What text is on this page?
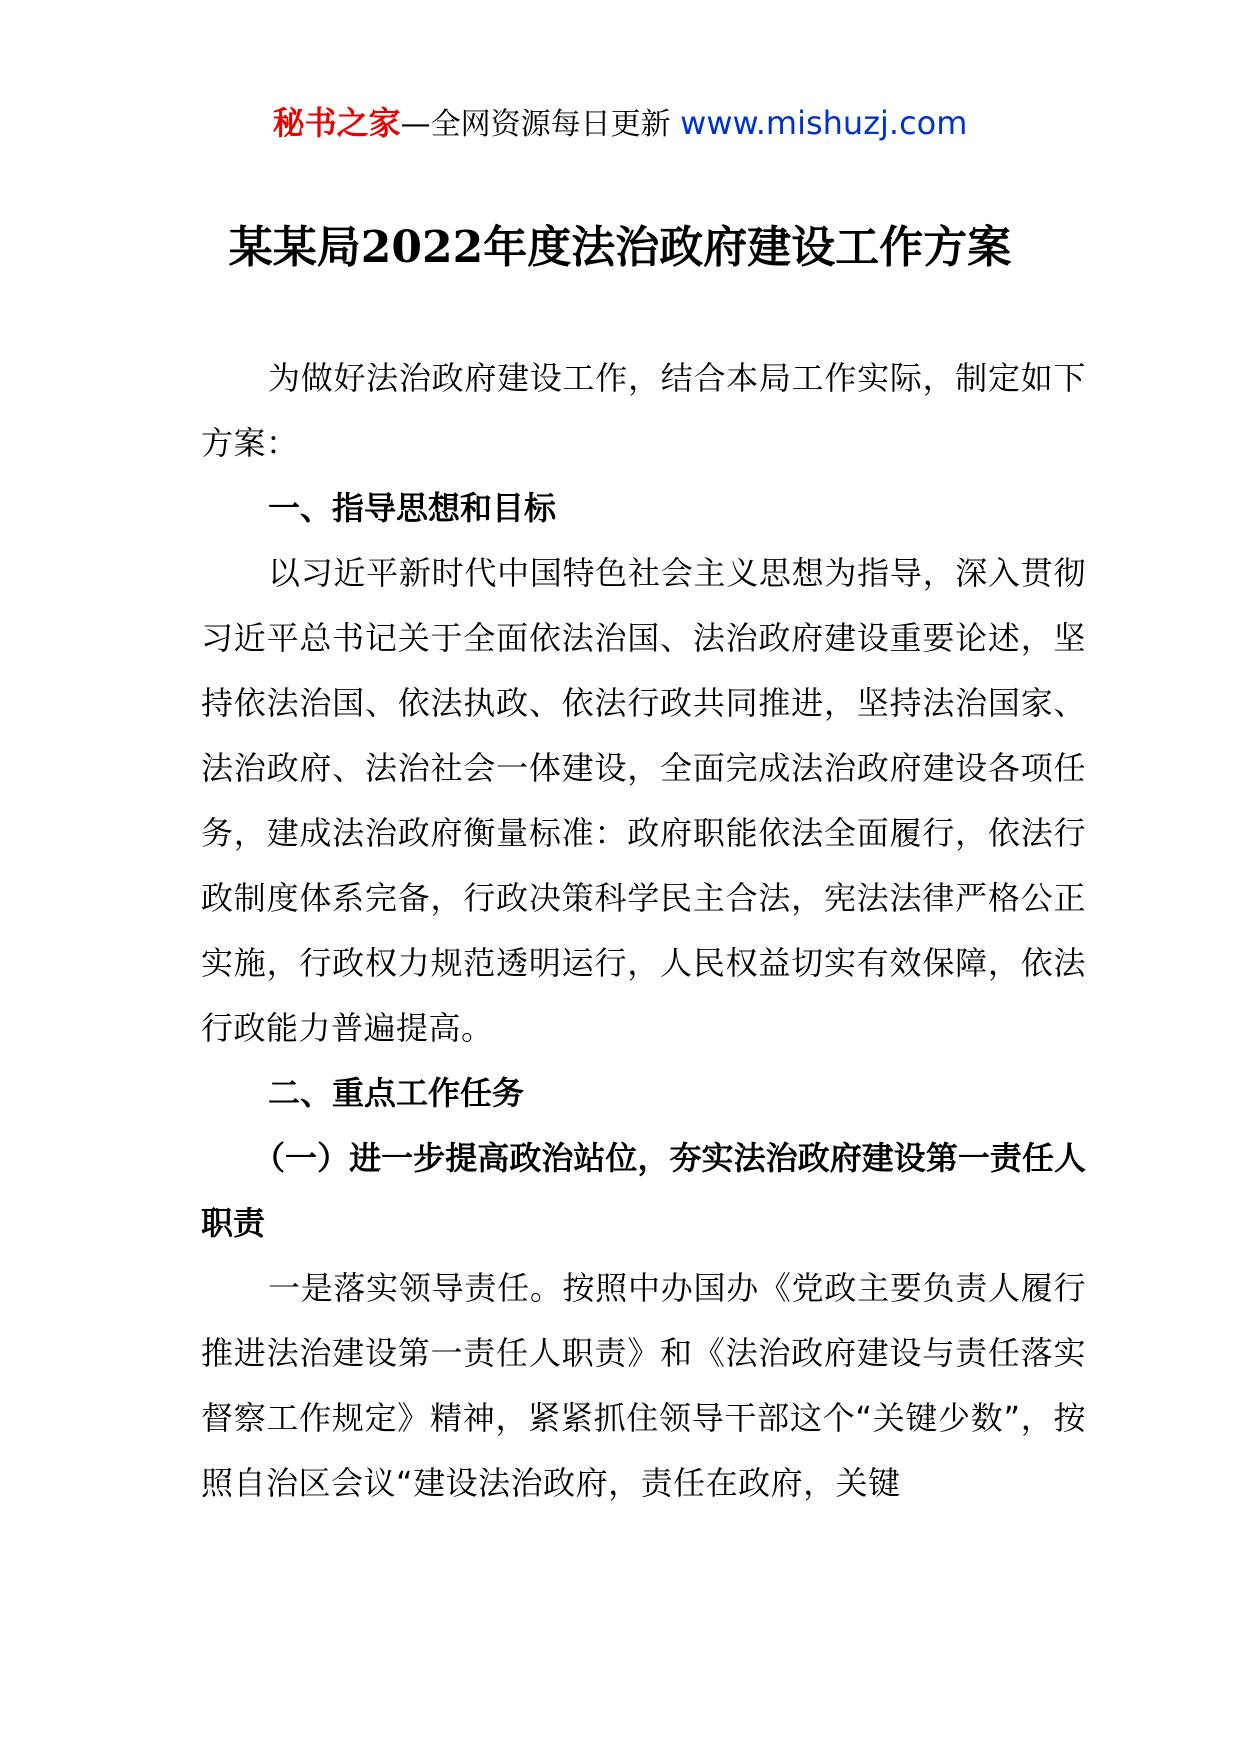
秘书之家—全网资源每日更新 www.mishuzj.com
某某局2022年度法治政府建设工作方案

为做好法治政府建设工作，结合本局工作实际，制定如下方案：

一、指导思想和目标

以习近平新时代中国特色社会主义思想为指导，深入贯彻习近平总书记关于全面依法治国、法治政府建设重要论述，坚持依法治国、依法执政、依法行政共同推进，坚持法治国家、法治政府、法治社会一体建设，全面完成法治政府建设各项任务，建成法治政府衡量标准：政府职能依法全面履行，依法行政制度体系完备，行政决策科学民主合法，宪法法律严格公正实施，行政权力规范透明运行，人民权益切实有效保障，依法行政能力普遍提高。

二、重点工作任务

（一）进一步提高政治站位，夯实法治政府建设第一责任人职责

一是落实领导责任。按照中办国办《党政主要负责人履行推进法治建设第一责任人职责》和《法治政府建设与责任落实督察工作规定》精神，紧紧抓住领导干部这个“关键少数”，按照自治区会议“建设法治政府，责任在政府，关键
